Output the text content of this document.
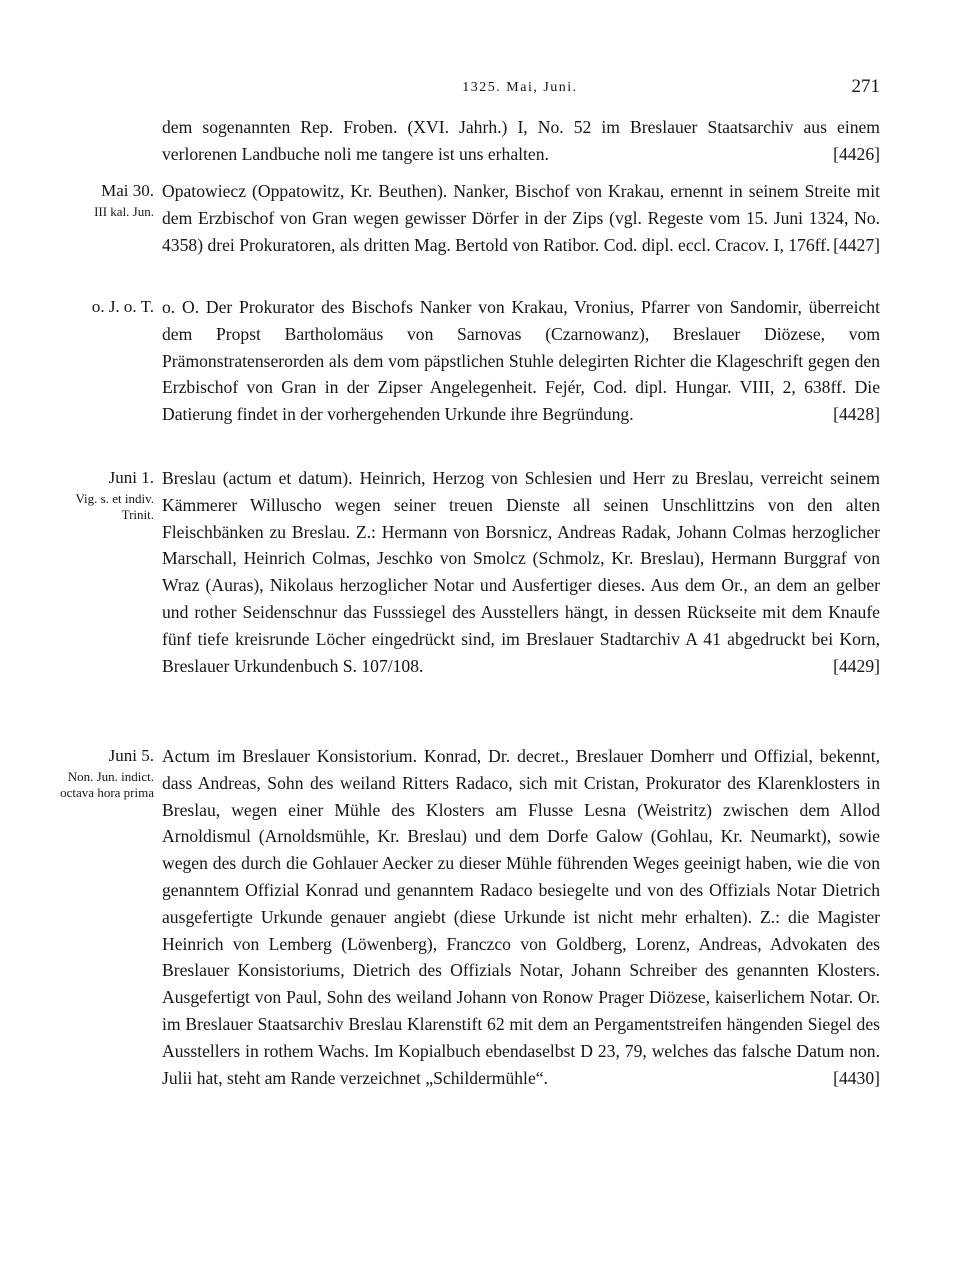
1325. Mai, Juni.	271
dem sogenannten Rep. Froben. (XVI. Jahrh.) I, No. 52 im Breslauer Staatsarchiv aus einem verlorenen Landbuche noli me tangere ist uns erhalten.	[4426]
Mai 30.
III kal. Jun.
Opatowiecz (Oppatowitz, Kr. Beuthen). Nanker, Bischof von Krakau, ernennt in seinem Streite mit dem Erzbischof von Gran wegen gewisser Dörfer in der Zips (vgl. Regeste vom 15. Juni 1324, No. 4358) drei Prokuratoren, als dritten Mag. Bertold von Ratibor. Cod. dipl. eccl. Cracov. I, 176ff. [4427]
o. J. o. T. o. O. Der Prokurator des Bischofs Nanker von Krakau, Vronius, Pfarrer von Sandomir, überreicht dem Propst Bartholomäus von Sarnovas (Czarnowanz), Breslauer Diözese, vom Prämonstratenserorden als dem vom päpstlichen Stuhle delegirten Richter die Klageschrift gegen den Erzbischof von Gran in der Zipser Angelegenheit. Fejér, Cod. dipl. Hungar. VIII, 2, 638ff. Die Datierung findet in der vorhergehenden Urkunde ihre Begründung.	[4428]
Juni 1.
Vig. s. et indiv. Trinit.
Breslau (actum et datum). Heinrich, Herzog von Schlesien und Herr zu Breslau, verreicht seinem Kämmerer Willuscho wegen seiner treuen Dienste all seinen Unschlittzins von den alten Fleischbänken zu Breslau. Z.: Hermann von Borsnicz, Andreas Radak, Johann Colmas herzoglicher Marschall, Heinrich Colmas, Jeschko von Smolcz (Schmolz, Kr. Breslau), Hermann Burggraf von Wraz (Auras), Nikolaus herzoglicher Notar und Ausfertiger dieses. Aus dem Or., an dem an gelber und rother Seidenschnur das Fusssiegel des Ausstellers hängt, in dessen Rückseite mit dem Knaufe fünf tiefe kreisrunde Löcher eingedrückt sind, im Breslauer Stadtarchiv A 41 abgedruckt bei Korn, Breslauer Urkundenbuch S. 107/108.	[4429]
Juni 5.
Non. Jun. indict. octava hora prima
Actum im Breslauer Konsistorium. Konrad, Dr. decret., Breslauer Domherr und Offizial, bekennt, dass Andreas, Sohn des weiland Ritters Radaco, sich mit Cristan, Prokurator des Klarenklosters in Breslau, wegen einer Mühle des Klosters am Flusse Lesna (Weistritz) zwischen dem Allod Arnoldismul (Arnoldsmühle, Kr. Breslau) und dem Dorfe Galow (Gohlau, Kr. Neumarkt), sowie wegen des durch die Gohlauer Aecker zu dieser Mühle führenden Weges geeinigt haben, wie die von genanntem Offizial Konrad und genanntem Radaco besiegelte und von des Offizials Notar Dietrich ausgefertigte Urkunde genauer angiebt (diese Urkunde ist nicht mehr erhalten). Z.: die Magister Heinrich von Lemberg (Löwenberg), Franczco von Goldberg, Lorenz, Andreas, Advokaten des Breslauer Konsistoriums, Dietrich des Offizials Notar, Johann Schreiber des genannten Klosters. Ausgefertigt von Paul, Sohn des weiland Johann von Ronow Prager Diözese, kaiserlichem Notar. Or. im Breslauer Staatsarchiv Breslau Klarenstift 62 mit dem an Pergamentstreifen hängenden Siegel des Ausstellers in rothem Wachs. Im Kopialbuch ebendaselbst D 23, 79, welches das falsche Datum non. Julii hat, steht am Rande verzeichnet „Schildermühle“.	[4430]
